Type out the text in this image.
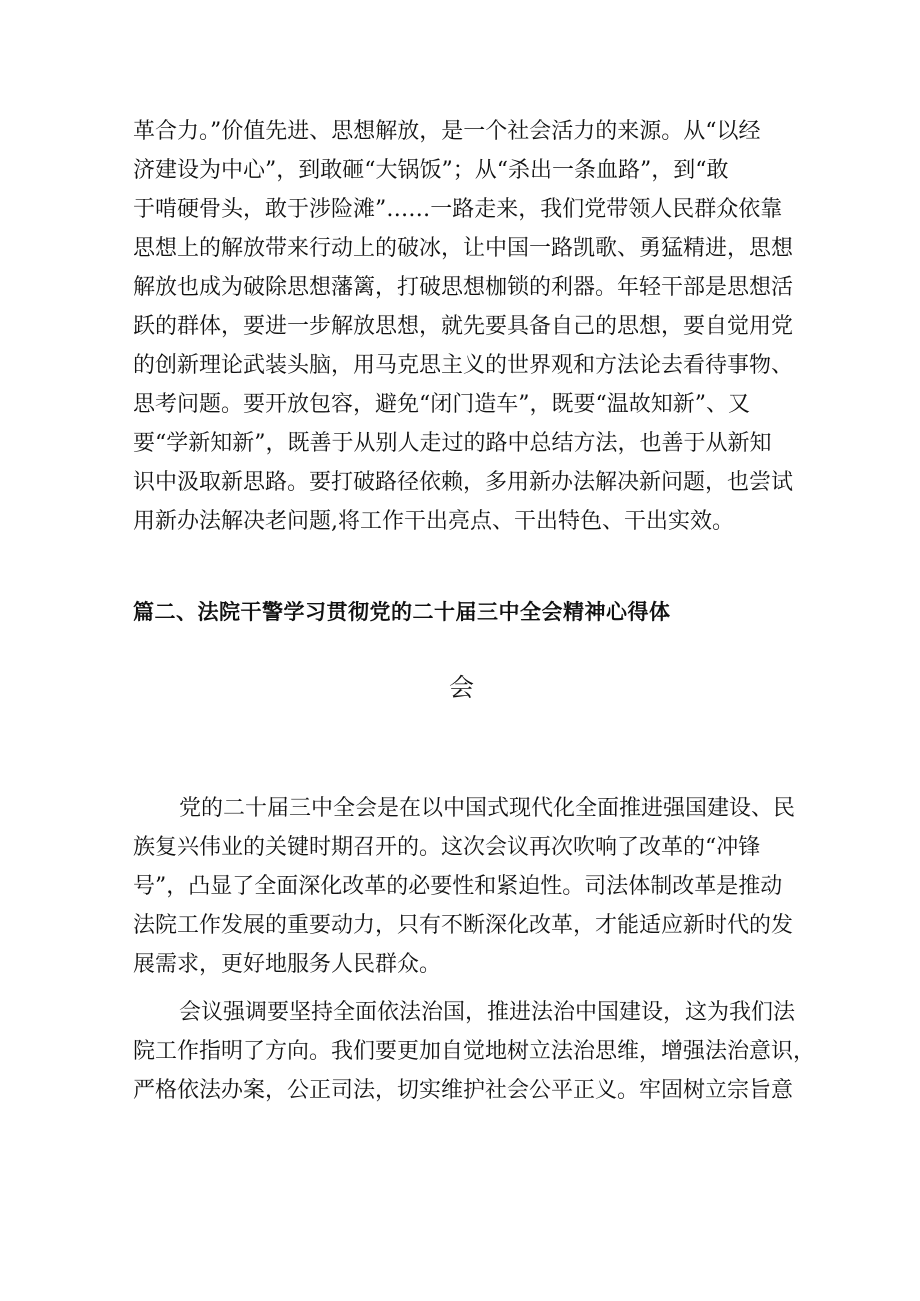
革合力。”价值先进、思想解放，是一个社会活力的来源。从“以经
济建设为中心”，到敢砸“大锅饭”；从“杀出一条血路”，到“敢
于啃硬骨头，敢于涉险滩”……一路走来，我们党带领人民群众依靠
思想上的解放带来行动上的破冰，让中国一路凯歌、勇猛精进，思想
解放也成为破除思想藩篱，打破思想枷锁的利器。年轻干部是思想活
跃的群体，要进一步解放思想，就先要具备自己的思想，要自觉用党
的创新理论武装头脑，用马克思主义的世界观和方法论去看待事物、
思考问题。要开放包容，避免“闭门造车”，既要“温故知新”、又
要“学新知新”，既善于从别人走过的路中总结方法，也善于从新知
识中汲取新思路。要打破路径依赖，多用新办法解决新问题，也尝试
用新办法解决老问题,将工作干出亮点、干出特色、干出实效。
篇二、法院干警学习贯彻党的二十届三中全会精神心得体
会
党的二十届三中全会是在以中国式现代化全面推进强国建设、民
族复兴伟业的关键时期召开的。这次会议再次吹响了改革的“冲锋
号”，凸显了全面深化改革的必要性和紧迫性。司法体制改革是推动
法院工作发展的重要动力，只有不断深化改革，才能适应新时代的发
展需求，更好地服务人民群众。
会议强调要坚持全面依法治国，推进法治中国建设，这为我们法
院工作指明了方向。我们要更加自觉地树立法治思维，增强法治意识，
严格依法办案，公正司法，切实维护社会公平正义。牢固树立宗旨意
